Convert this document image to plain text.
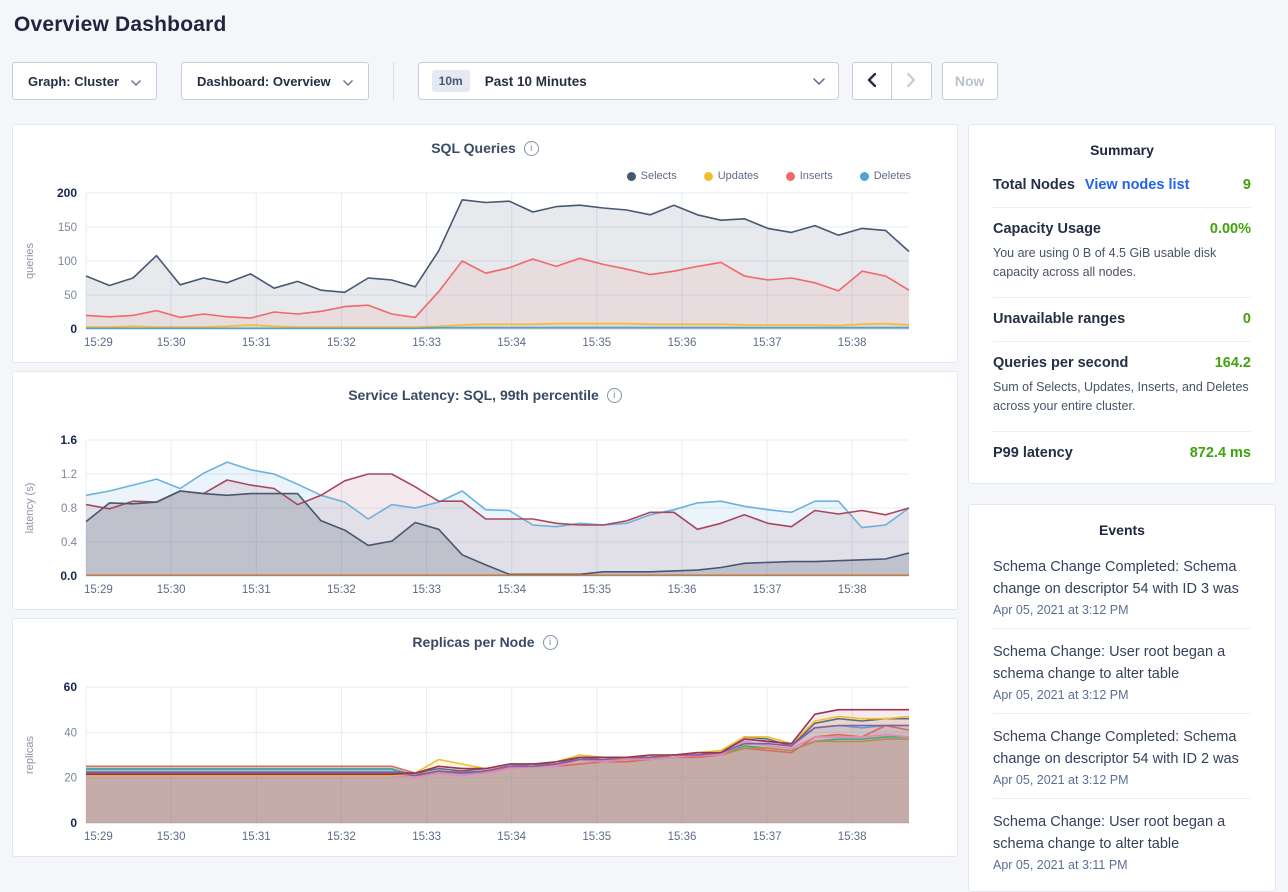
Overview Dashboard
Graph: Cluster	Dashboard: Overview	10m	Past 10 Minutes	Now
SQL Queries
i
Selects	Updates	Inserts	Deletes
15:29	15:30	15:31	15:32	15:33	15:34	15:35	15:36	15:37	15:38
0
50
100
150
200
queries
Service Latency: SQL, 99th percentile
i
15:29	15:30	15:31	15:32	15:33	15:34	15:35	15:36	15:37	15:38
0.0
0.4
0.8
1.2
1.6
latency (s)
Replicas per Node
i
15:29	15:30	15:31	15:32	15:33	15:34	15:35	15:36	15:37	15:38
0
20
40
60
replicas
Summary
Total Nodes View nodes list	9
Capacity Usage	0.00%
You are using 0 B of 4.5 GiB usable disk capacity across all nodes.
Unavailable ranges	0
Queries per second	164.2
Sum of Selects, Updates, Inserts, and Deletes across your entire cluster.
P99 latency	872.4 ms
Events
Schema Change Completed: Schema change on descriptor 54 with ID 3 was
Apr 05, 2021 at 3:12 PM
Schema Change: User root began a schema change to alter table
Apr 05, 2021 at 3:12 PM
Schema Change Completed: Schema change on descriptor 54 with ID 2 was
Apr 05, 2021 at 3:12 PM
Schema Change: User root began a schema change to alter table
Apr 05, 2021 at 3:11 PM
